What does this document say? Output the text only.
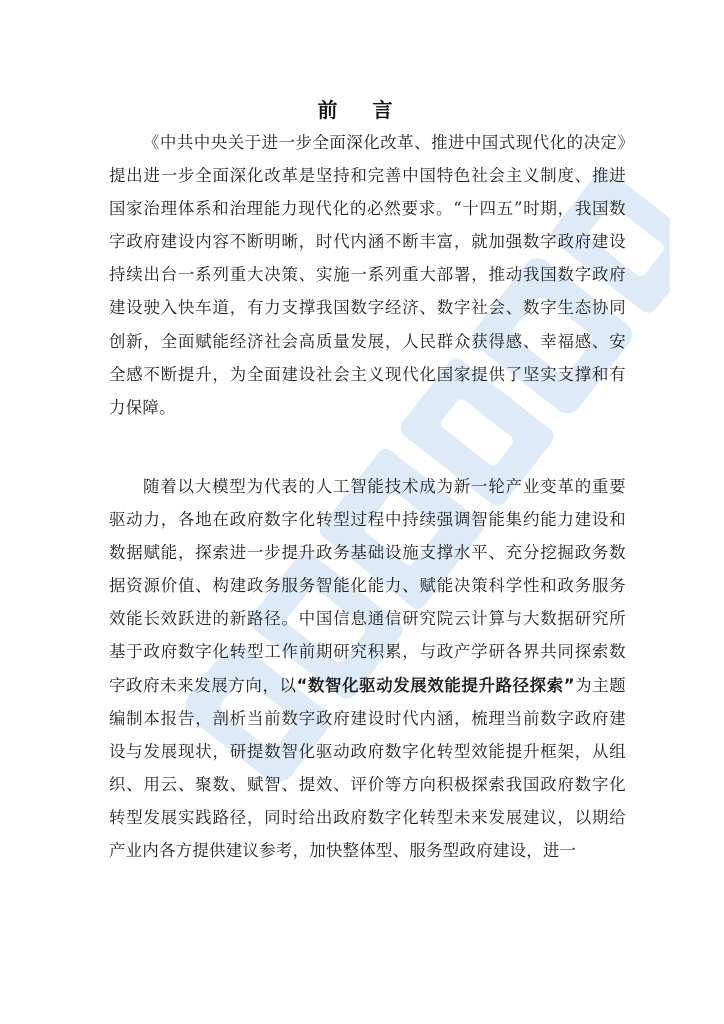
前 言

《中共中央关于进一步全面深化改革、推进中国式现代化的决定》提出进一步全面深化改革是坚持和完善中国特色社会主义制度、推进国家治理体系和治理能力现代化的必然要求。“十四五”时期，我国数字政府建设内容不断明晰，时代内涵不断丰富，就加强数字政府建设持续出台一系列重大决策、实施一系列重大部署，推动我国数字政府建设驶入快车道，有力支撑我国数字经济、数字社会、数字生态协同创新，全面赋能经济社会高质量发展，人民群众获得感、幸福感、安全感不断提升，为全面建设社会主义现代化国家提供了坚实支撑和有力保障。

随着以大模型为代表的人工智能技术成为新一轮产业变革的重要驱动力，各地在政府数字化转型过程中持续强调智能集约能力建设和数据赋能，探索进一步提升政务基础设施支撑水平、充分挖掘政务数据资源价值、构建政务服务智能化能力、赋能决策科学性和政务服务效能长效跃进的新路径。中国信息通信研究院云计算与大数据研究所基于政府数字化转型工作前期研究积累，与政产学研各界共同探索数字政府未来发展方向，以“数智化驱动发展效能提升路径探索”为主题编制本报告，剖析当前数字政府建设时代内涵，梳理当前数字政府建设与发展现状，研提数智化驱动政府数字化转型效能提升框架，从组织、用云、聚数、赋智、提效、评价等方向积极探索我国政府数字化转型发展实践路径，同时给出政府数字化转型未来发展建议，以期给产业内各方提供建议参考，加快整体型、服务型政府建设，进一
